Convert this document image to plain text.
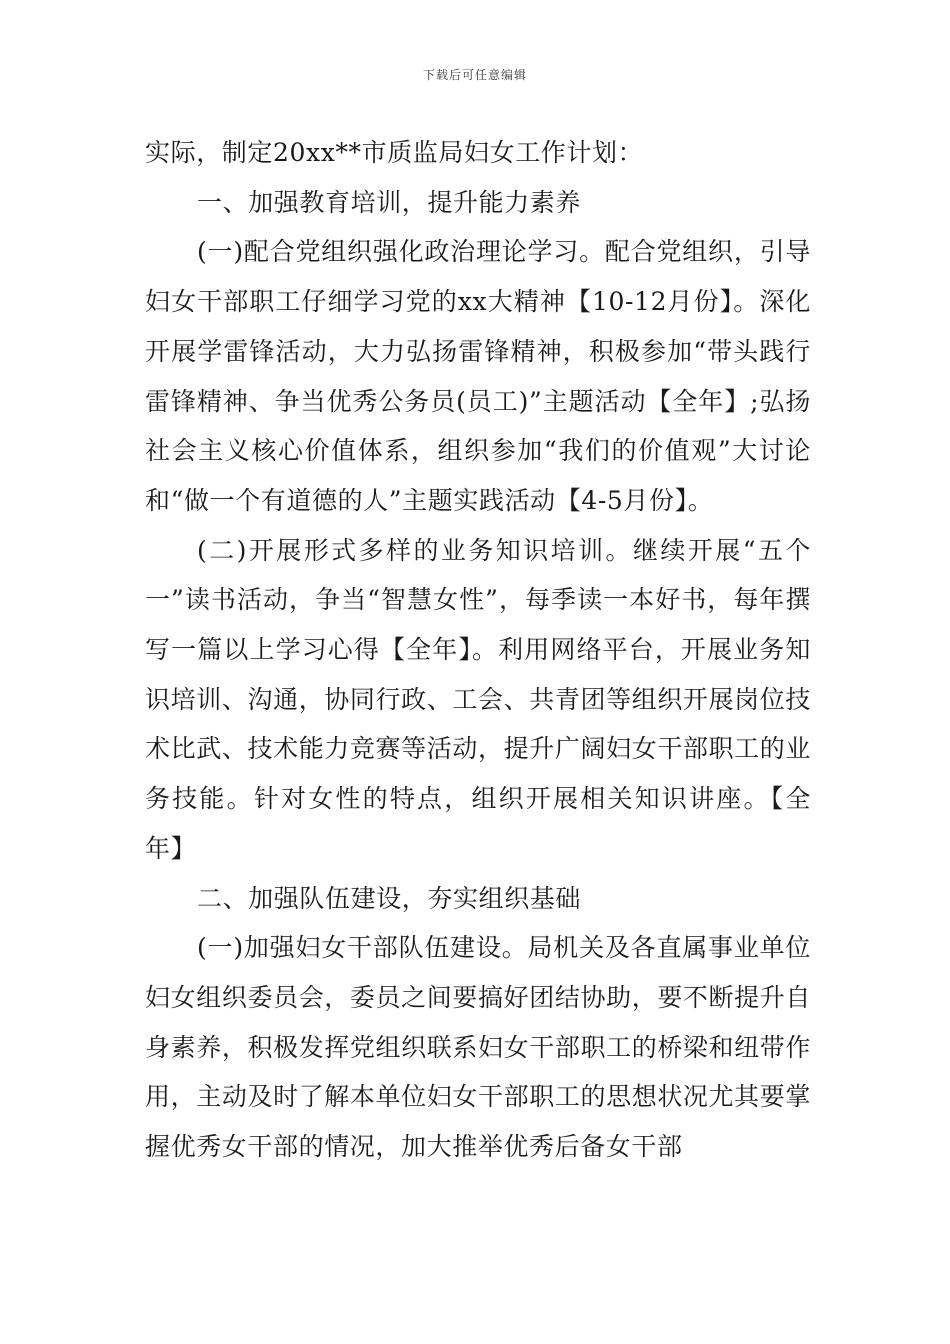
下载后可任意编辑

实际，制定20xx**市质监局妇女工作计划：

一、加强教育培训，提升能力素养

(一)配合党组织强化政治理论学习。配合党组织，引导妇女干部职工仔细学习党的xx大精神【10-12月份】。深化开展学雷锋活动，大力弘扬雷锋精神，积极参加“带头践行雷锋精神、争当优秀公务员(员工)”主题活动【全年】;弘扬社会主义核心价值体系，组织参加“我们的价值观”大讨论和“做一个有道德的人”主题实践活动【4-5月份】。

(二)开展形式多样的业务知识培训。继续开展“五个一”读书活动，争当“智慧女性”，每季读一本好书，每年撰写一篇以上学习心得【全年】。利用网络平台，开展业务知识培训、沟通，协同行政、工会、共青团等组织开展岗位技术比武、技术能力竞赛等活动，提升广阔妇女干部职工的业务技能。针对女性的特点，组织开展相关知识讲座。【全年】

二、加强队伍建设，夯实组织基础

(一)加强妇女干部队伍建设。局机关及各直属事业单位妇女组织委员会，委员之间要搞好团结协助，要不断提升自身素养，积极发挥党组织联系妇女干部职工的桥梁和纽带作用，主动及时了解本单位妇女干部职工的思想状况尤其要掌握优秀女干部的情况，加大推举优秀后备女干部
